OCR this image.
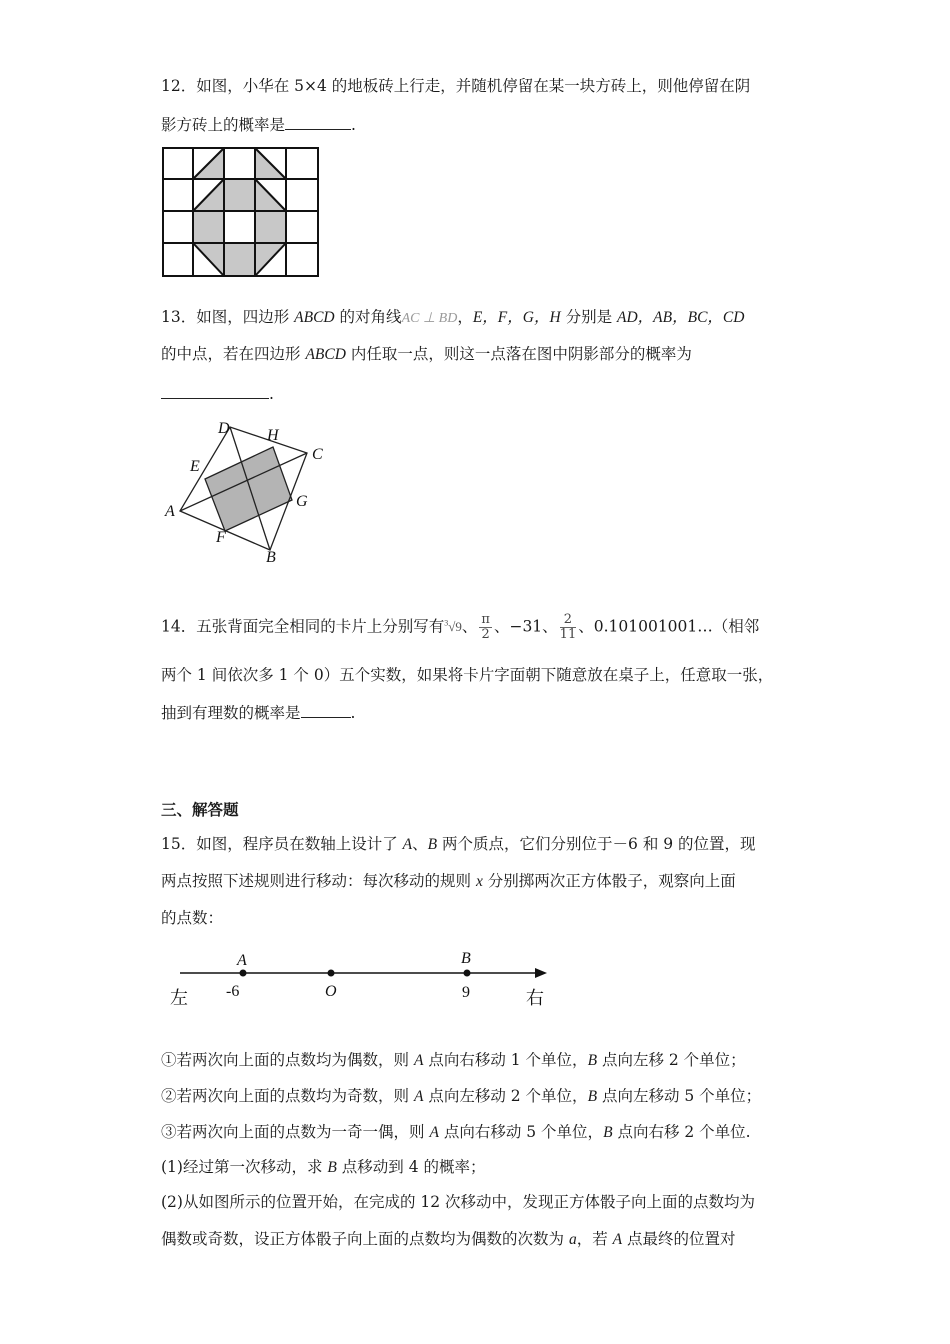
12．如图，小华在 5×4 的地板砖上行走，并随机停留在某一块方砖上，则他停留在阴
影方砖上的概率是	.
13．如图，四边形 ABCD 的对角线AC ⊥ BD，E，F，G，H 分别是 AD，AB，BC，CD
的中点，若在四边形 ABCD 内任取一点，则这一点落在图中阴影部分的概率为
.
D H
C
E
G
A
F
B
14．五张背面完全相同的卡片上分别写有$^3$√9、 $\frac{\pi}{2}$ 、−31、 $\frac{2}{11}$ 、0.101001001…（相邻
两个 1 间依次多 1 个 0）五个实数，如果将卡片字面朝下随意放在桌子上，任意取一张，
抽到有理数的概率是	.
三、解答题
15．如图，程序员在数轴上设计了 A、B 两个质点，它们分别位于－6 和 9 的位置，现
两点按照下述规则进行移动：每次移动的规则 x 分别掷两次正方体骰子，观察向上面
的点数：
A	B
-6	O	9
左	右
①若两次向上面的点数均为偶数，则 A 点向右移动 1 个单位，B 点向左移 2 个单位；
②若两次向上面的点数均为奇数，则 A 点向左移动 2 个单位，B 点向左移动 5 个单位；
③若两次向上面的点数为一奇一偶，则 A 点向右移动 5 个单位，B 点向右移 2 个单位.
(1)经过第一次移动，求 B 点移动到 4 的概率；
(2)从如图所示的位置开始，在完成的 12 次移动中，发现正方体骰子向上面的点数均为
偶数或奇数，设正方体骰子向上面的点数均为偶数的次数为 a，若 A 点最终的位置对
